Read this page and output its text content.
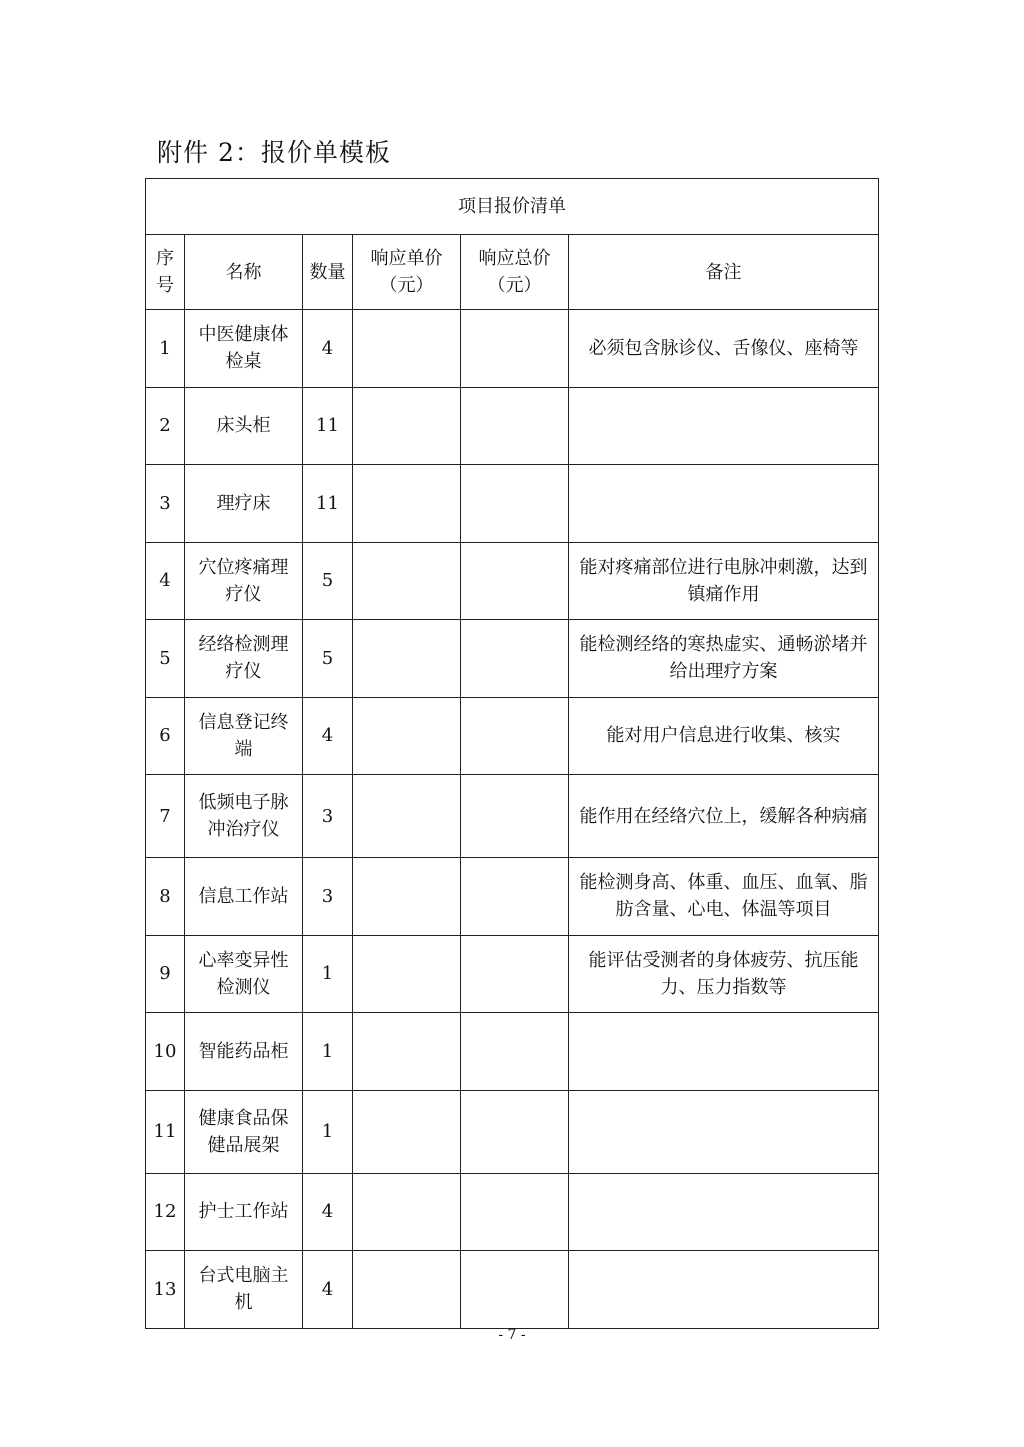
附件 2：报价单模板
项目报价清单					
序号	名称	数量	响应单价（元）	响应总价（元）	备注
1	中医健康体检桌	4			必须包含脉诊仪、舌像仪、座椅等
2	床头柜	11			
3	理疗床	11			
4	穴位疼痛理疗仪	5			能对疼痛部位进行电脉冲刺激，达到镇痛作用
5	经络检测理疗仪	5			能检测经络的寒热虚实、通畅淤堵并给出理疗方案
6	信息登记终端	4			能对用户信息进行收集、核实
7	低频电子脉冲治疗仪	3			能作用在经络穴位上，缓解各种病痛
8	信息工作站	3			能检测身高、体重、血压、血氧、脂肪含量、心电、体温等项目
9	心率变异性检测仪	1			能评估受测者的身体疲劳、抗压能力、压力指数等
10	智能药品柜	1			
11	健康食品保健品展架	1			
12	护士工作站	4			
13	台式电脑主机	4			
- 7 -
